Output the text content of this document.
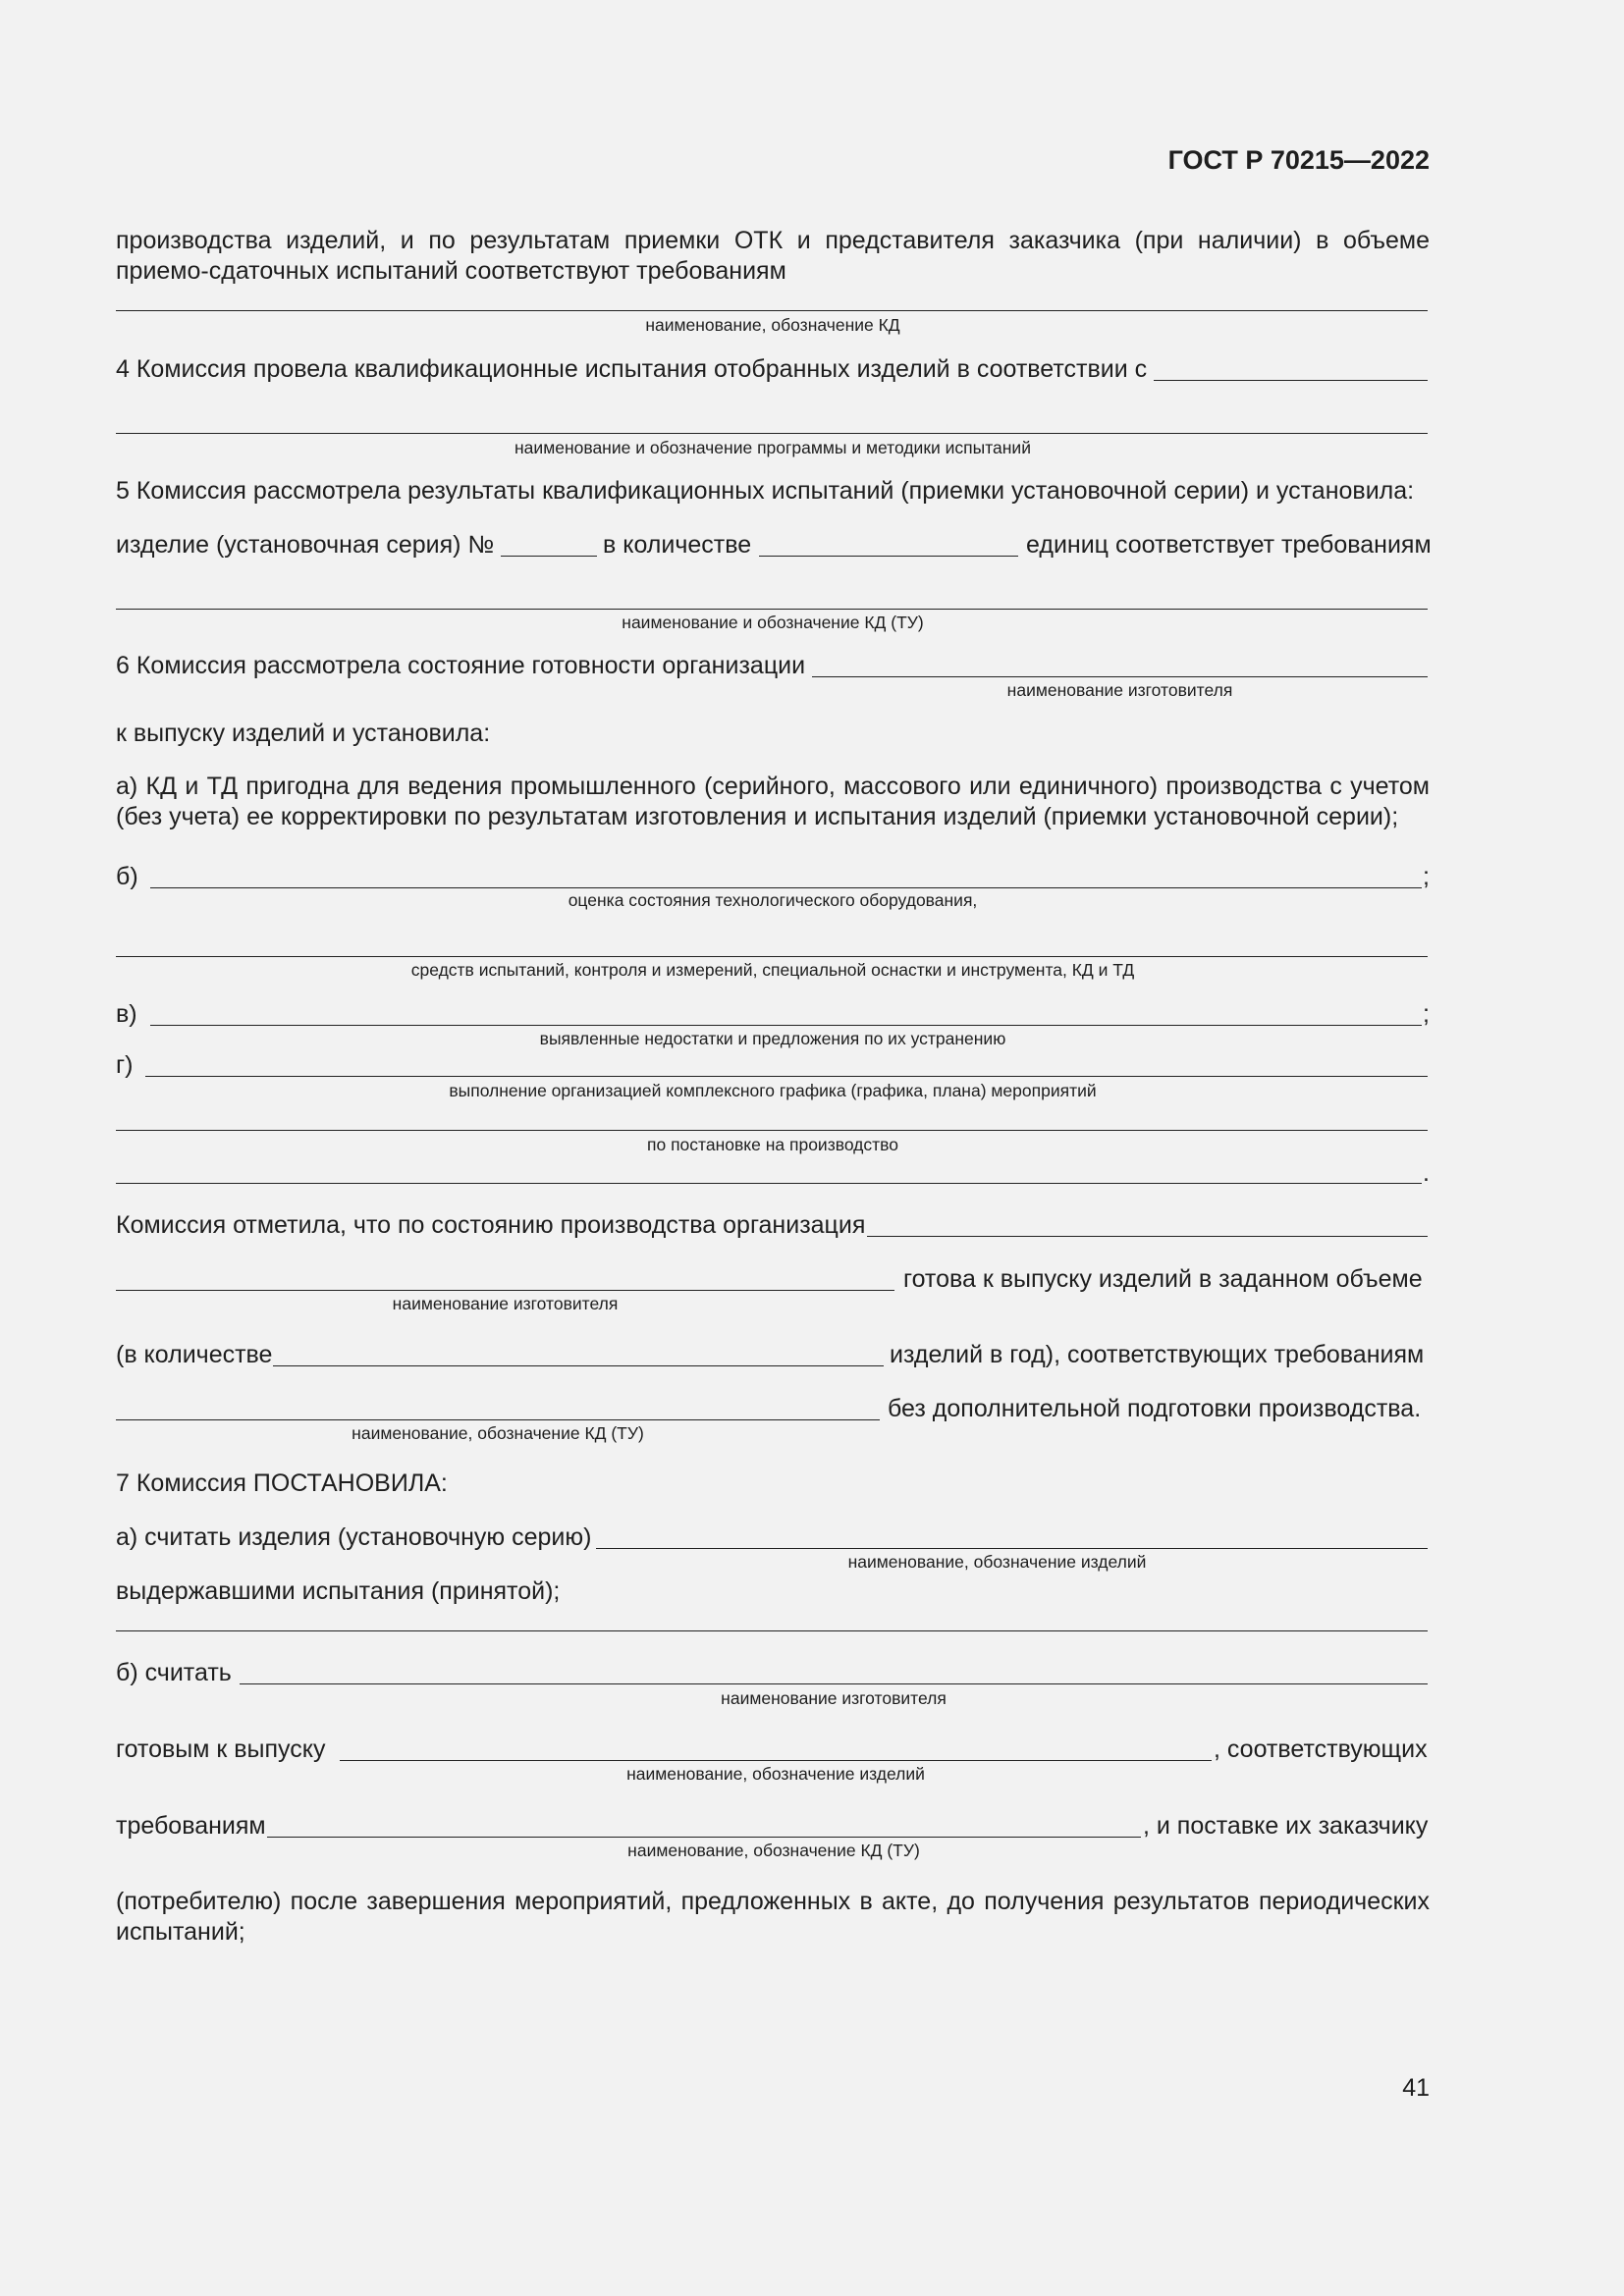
ГОСТ Р 70215—2022
производства изделий, и по результатам приемки ОТК и представителя заказчика (при наличии) в объеме приемо-сдаточных испытаний соответствуют требованиям
наименование, обозначение КД
4 Комиссия провела квалификационные испытания отобранных изделий в соответствии с
наименование и обозначение программы и методики испытаний
5 Комиссия рассмотрела результаты квалификационных испытаний (приемки установочной серии) и установила:
изделие (установочная серия) №	в количестве	единиц соответствует требованиям
наименование и обозначение КД (ТУ)
6 Комиссия рассмотрела состояние готовности организации
наименование изготовителя
к выпуску изделий и установила:
а) КД и ТД пригодна для ведения промышленного (серийного, массового или единичного) производства с учетом (без учета) ее корректировки по результатам изготовления и испытания изделий (приемки установочной серии);
б)	;
оценка состояния технологического оборудования,
средств испытаний, контроля и измерений, специальной оснастки и инструмента, КД и ТД
в)	;
выявленные недостатки и предложения по их устранению
г)
выполнение организацией комплексного графика (графика, плана) мероприятий
по постановке на производство
.
Комиссия отметила, что по состоянию производства организация
готова к выпуску изделий в заданном объеме
наименование изготовителя
(в количестве	изделий в год), соответствующих требованиям
без дополнительной подготовки производства.
наименование, обозначение КД (ТУ)
7 Комиссия ПОСТАНОВИЛА:
а) считать изделия (установочную серию)
наименование, обозначение изделий
выдержавшими испытания (принятой);
б) считать
наименование изготовителя
готовым к выпуску	, соответствующих
наименование, обозначение изделий
требованиям	, и поставке их заказчику
наименование, обозначение КД (ТУ)
(потребителю) после завершения мероприятий, предложенных в акте, до получения результатов периодических испытаний;
41
